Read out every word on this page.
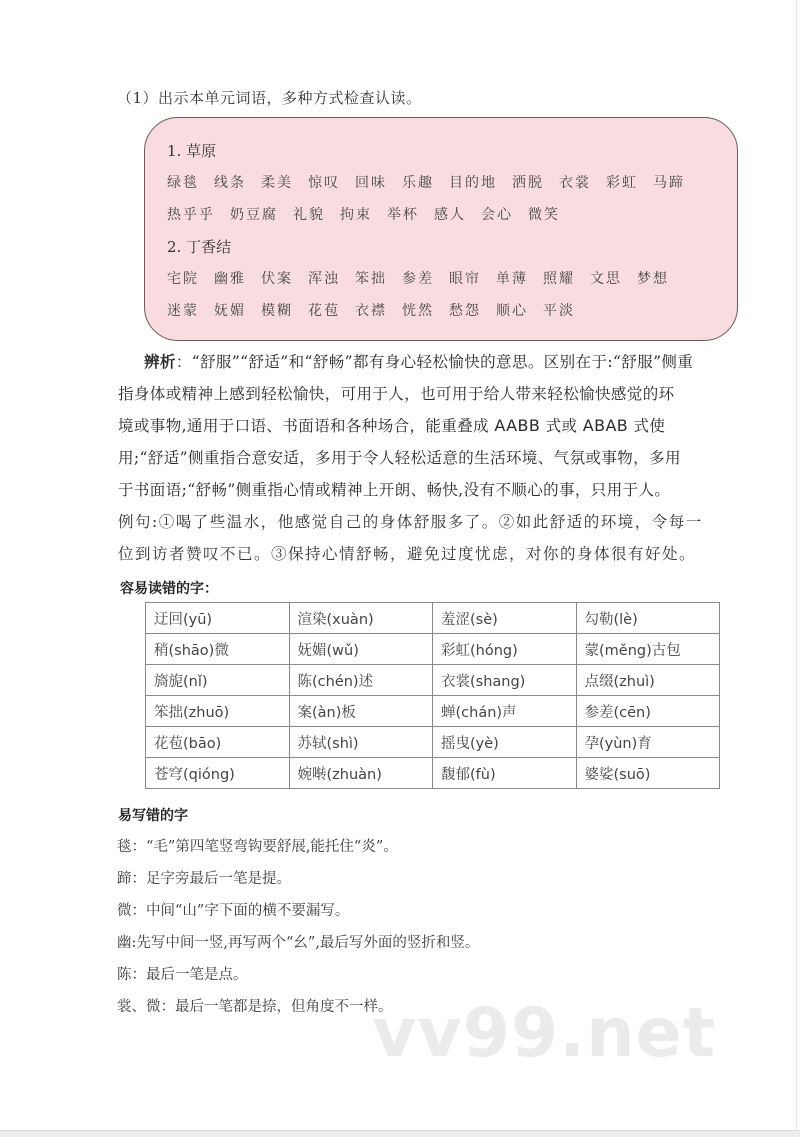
（1）出示本单元词语，多种方式检查认读。
1. 草原
绿毯 线条 柔美 惊叹 回味 乐趣 目的地 洒脱 衣裳 彩虹 马蹄
热乎乎 奶豆腐 礼貌 拘束 举杯 感人 会心 微笑
2. 丁香结
宅院 幽雅 伏案 浑浊 笨拙 参差 眼帘 单薄 照耀 文思 梦想
迷蒙 妩媚 模糊 花苞 衣襟 恍然 愁怨 顺心 平淡
辨析：“舒服”“舒适”和“舒畅”都有身心轻松愉快的意思。区别在于:“舒服”侧重
指身体或精神上感到轻松愉快，可用于人，也可用于给人带来轻松愉快感觉的环
境或事物,通用于口语、书面语和各种场合，能重叠成 AABB 式或 ABAB 式使
用;“舒适”侧重指合意安适，多用于令人轻松适意的生活环境、气氛或事物，多用
于书面语;“舒畅”侧重指心情或精神上开朗、畅快,没有不顺心的事，只用于人。
例句:①喝了些温水，他感觉自己的身体舒服多了。②如此舒适的环境，令每一
位到访者赞叹不已。③保持心情舒畅，避免过度忧虑，对你的身体很有好处。
容易读错的字：
迂回(yū)	渲染(xuàn)	羞涩(sè)	勾勒(lè)
稍(shāo)微	妩媚(wǔ)	彩虹(hóng)	蒙(měng)古包
旖旎(nǐ)	陈(chén)述	衣裳(shang)	点缀(zhuì)
笨拙(zhuō)	案(àn)板	蝉(chán)声	参差(cēn)
花苞(bāo)	苏轼(shì)	摇曳(yè)	孕(yùn)育
苍穹(qióng)	婉啭(zhuàn)	馥郁(fù)	婆娑(suō)
易写错的字
毯：“毛”第四笔竖弯钩要舒展,能托住“炎”。
蹄：足字旁最后一笔是提。
微：中间“山”字下面的横不要漏写。
幽:先写中间一竖,再写两个“幺”,最后写外面的竖折和竖。
陈：最后一笔是点。
裳、微：最后一笔都是捺，但角度不一样。
vv99.net
